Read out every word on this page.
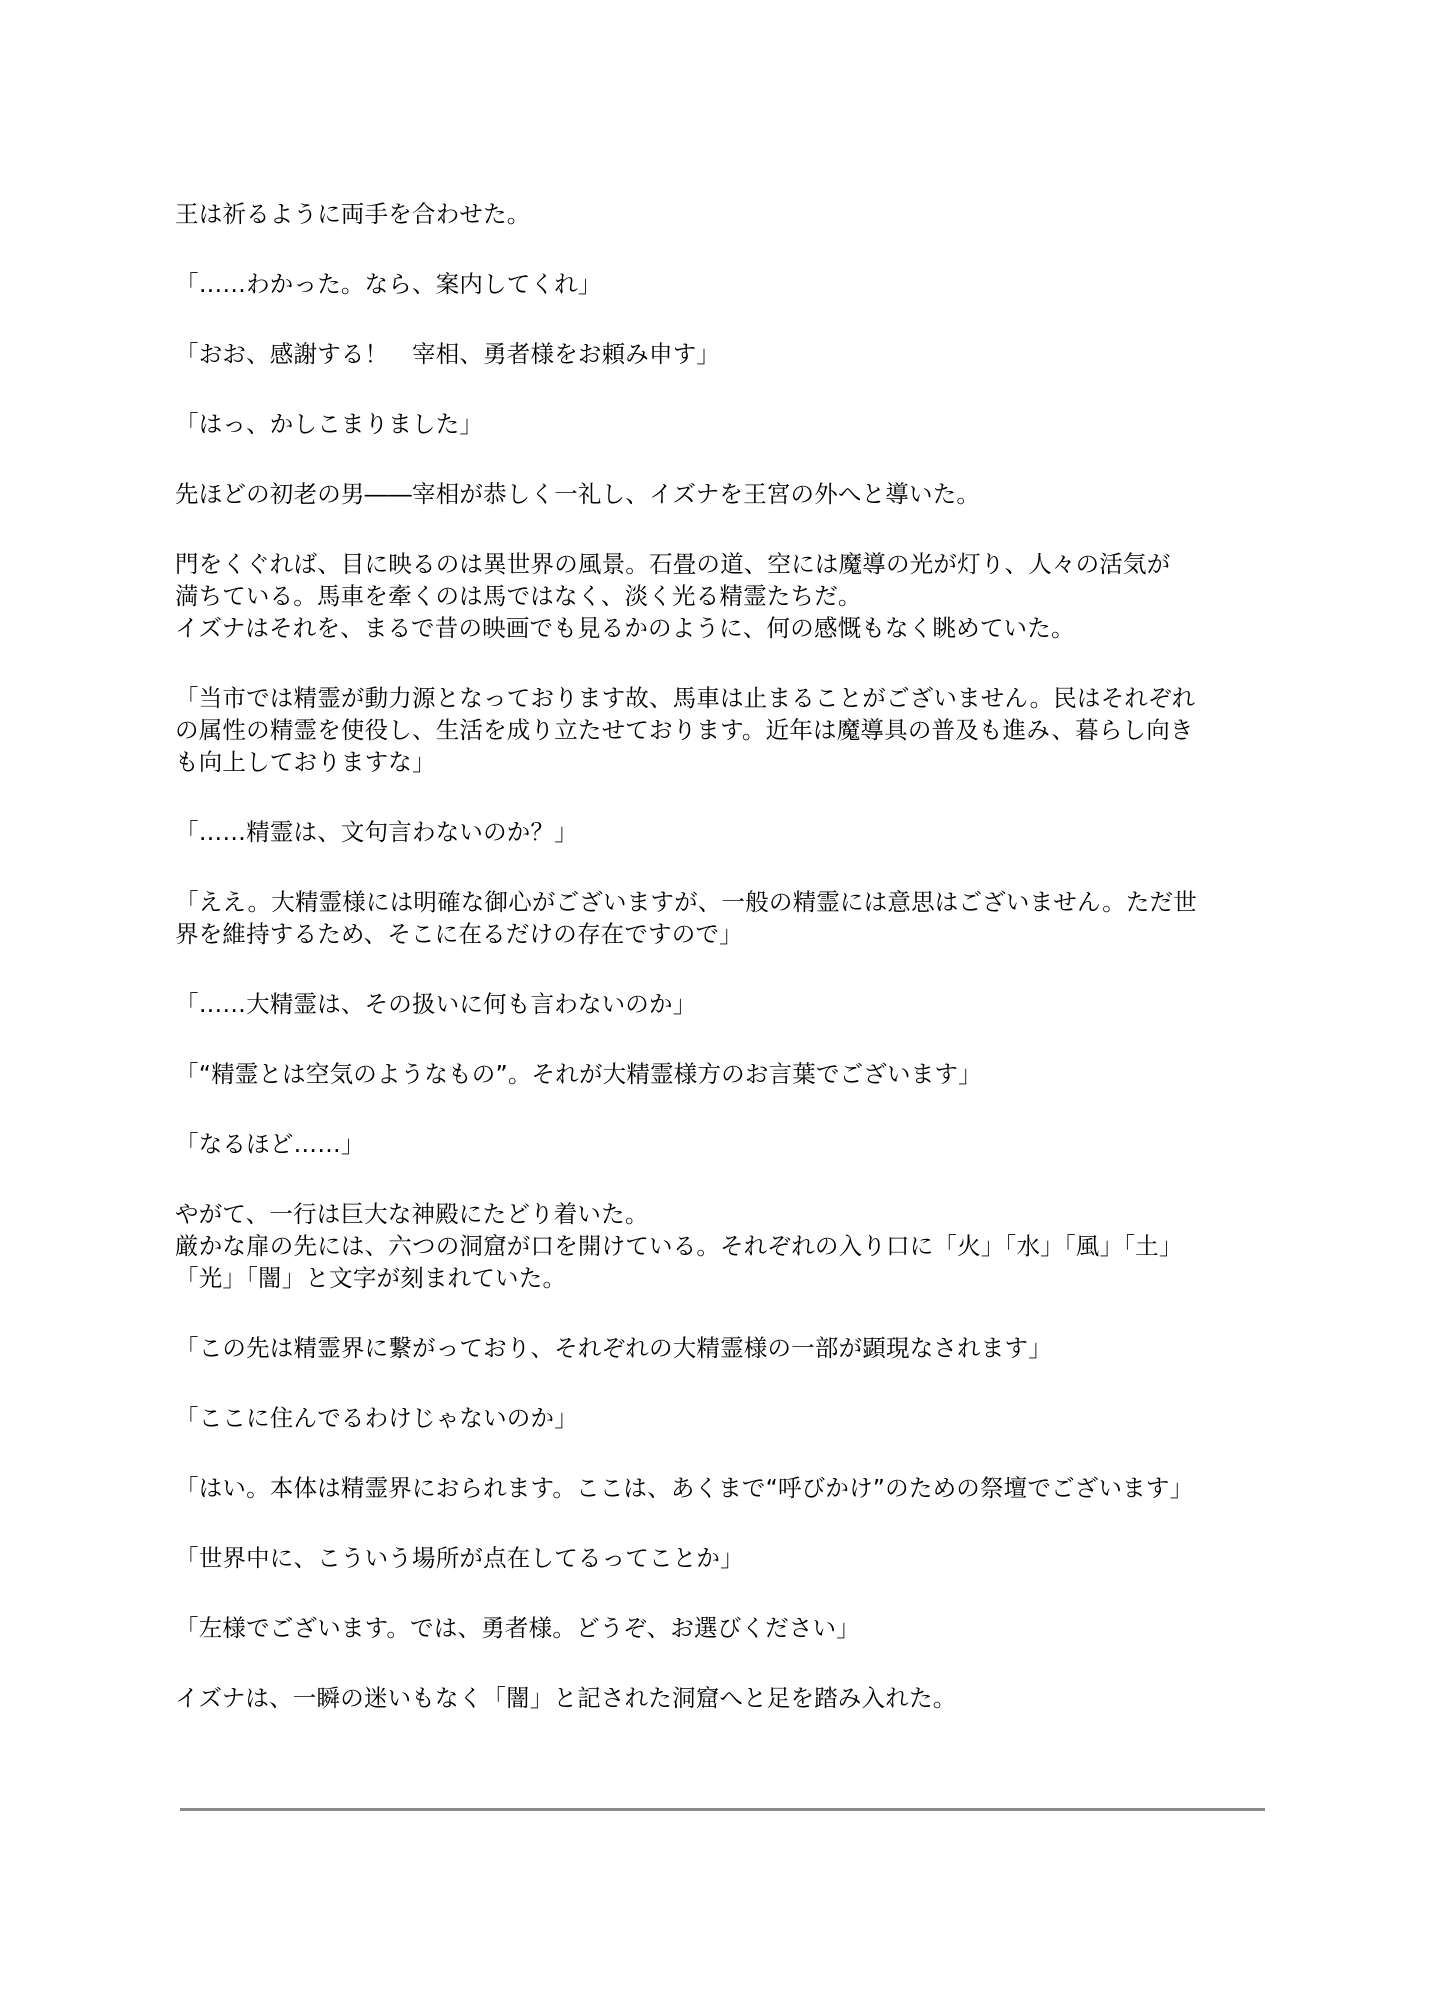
王は祈るように両手を合わせた。
「……わかった。なら、案内してくれ」
「おお、感謝する！　宰相、勇者様をお頼み申す」
「はっ、かしこまりました」
先ほどの初老の男――宰相が恭しく一礼し、イズナを王宮の外へと導いた。
門をくぐれば、目に映るのは異世界の風景。石畳の道、空には魔導の光が灯り、人々の活気が
満ちている。馬車を牽くのは馬ではなく、淡く光る精霊たちだ。
イズナはそれを、まるで昔の映画でも見るかのように、何の感慨もなく眺めていた。
「当市では精霊が動力源となっております故、馬車は止まることがございません。民はそれぞれ
の属性の精霊を使役し、生活を成り立たせております。近年は魔導具の普及も進み、暮らし向き
も向上しておりますな」
「……精霊は、文句言わないのか？」
「ええ。大精霊様には明確な御心がございますが、一般の精霊には意思はございません。ただ世
界を維持するため、そこに在るだけの存在ですので」
「……大精霊は、その扱いに何も言わないのか」
「“精霊とは空気のようなもの”。それが大精霊様方のお言葉でございます」
「なるほど……」
やがて、一行は巨大な神殿にたどり着いた。
厳かな扉の先には、六つの洞窟が口を開けている。それぞれの入り口に「火」「水」「風」「土」
「光」「闇」と文字が刻まれていた。
「この先は精霊界に繋がっており、それぞれの大精霊様の一部が顕現なされます」
「ここに住んでるわけじゃないのか」
「はい。本体は精霊界におられます。ここは、あくまで“呼びかけ”のための祭壇でございます」
「世界中に、こういう場所が点在してるってことか」
「左様でございます。では、勇者様。どうぞ、お選びください」
イズナは、一瞬の迷いもなく「闇」と記された洞窟へと足を踏み入れた。
